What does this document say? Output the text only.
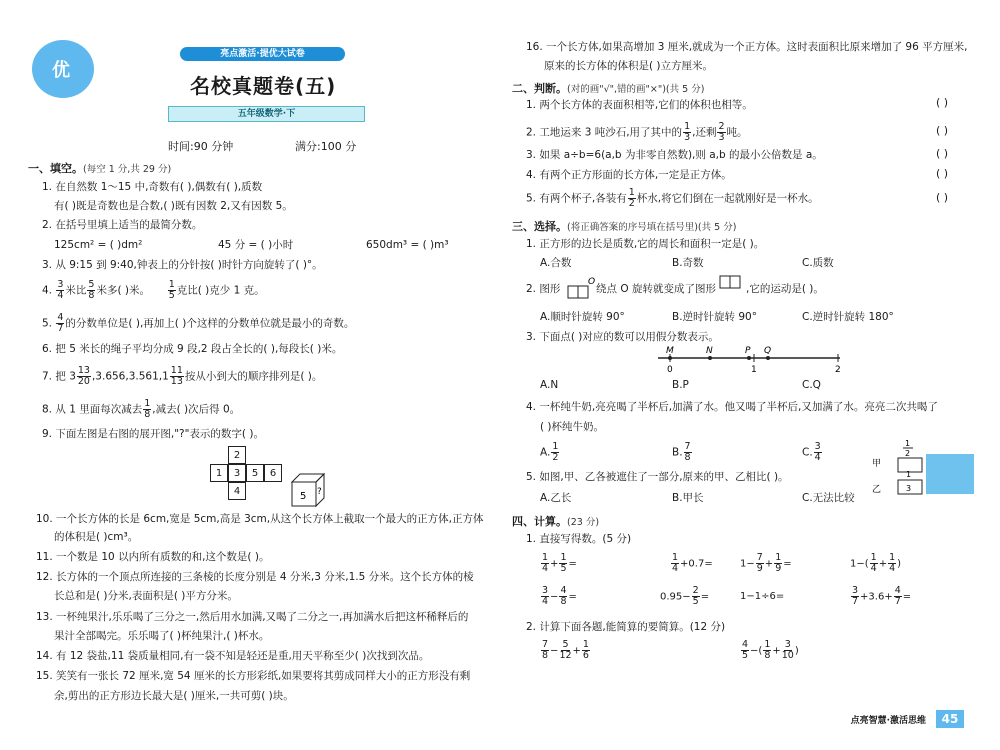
优
亮点激活·提优大试卷
名校真题卷(五)
五年级数学·下
时间:90 分钟	满分:100 分
一、填空。(每空 1 分,共 29 分)
1. 在自然数 1～15 中,奇数有( ),偶数有( ),质数
有( )既是奇数也是合数,( )既有因数 2,又有因数 5。
2. 在括号里填上适当的最简分数。
125cm² = ( )dm²	45 分 = ( )小时	650dm³ = ( )m³
3. 从 9:15 到 9:40,钟表上的分针按( )时针方向旋转了( )°。
4. $\frac{3}{4}$ 米比 $\frac{5}{8}$ 米多( )米。 $\frac{1}{5}$ 克比( )克少 1 克。
5. $\frac{4}{7}$ 的分数单位是( ),再加上( )个这样的分数单位就是最小的奇数。
6. 把 5 米长的绳子平均分成 9 段,2 段占全长的( ),每段长( )米。
7. 把 $3 \frac{13}{20} ,3.656,3.561,1 \frac{11}{13}$ 按从小到大的顺序排列是( )。
8. 从 1 里面每次减去 $\frac{1}{8}$ ,减去( )次后得 0。
9. 下面左图是右图的展开图,"?"表示的数字( )。
2
1	3	5	6
4	5 ?
10. 一个长方体的长是 6cm,宽是 5cm,高是 3cm,从这个长方体上截取一个最大的正方体,正方体
的体积是( )cm³。
11. 一个数是 10 以内所有质数的和,这个数是( )。
12. 长方体的一个顶点所连接的三条棱的长度分别是 4 分米,3 分米,1.5 分米。这个长方体的棱
长总和是( )分米,表面积是( )平方分米。
13. 一杯纯果汁,乐乐喝了三分之一,然后用水加满,又喝了二分之一,再加满水后把这杯稀释后的
果汁全部喝完。乐乐喝了( )杯纯果汁,( )杯水。
14. 有 12 袋盐,11 袋质量相同,有一袋不知是轻还是重,用天平称至少( )次找到次品。
15. 笑笑有一张长 72 厘米,宽 54 厘米的长方形彩纸,如果要将其剪成同样大小的正方形没有剩
余,剪出的正方形边长最大是( )厘米,一共可剪( )块。
16. 一个长方体,如果高增加 3 厘米,就成为一个正方体。这时表面积比原来增加了 96 平方厘米,
原来的长方体的体积是( )立方厘米。
二、判断。(对的画"√",错的画"×")(共 5 分)
1. 两个长方体的表面积相等,它们的体积也相等。	( )
2. 工地运来 3 吨沙石,用了其中的 $\frac{1}{3}$ ,还剩 $\frac{2}{3}$ 吨。	( )
3. 如果 a÷b=6(a,b 为非零自然数),则 a,b 的最小公倍数是 a。	( )
4. 有两个正方形面的长方体,一定是正方体。	( )
5. 有两个杯子,各装有 $\frac{1}{2}$ 杯水,将它们倒在一起就刚好是一杯水。	( )
三、选择。(将正确答案的序号填在括号里)(共 5 分)
1. 正方形的边长是质数,它的周长和面积一定是( )。
A.合数	B.奇数	C.质数
2. 图形
O
绕点 O 旋转就变成了图形	,它的运动是( )。
A.顺时针旋转 90°	B.逆时针旋转 90°	C.逆时针旋转 180°
3. 下面点( )对应的数可以用假分数表示。
M	N	P Q
0	1	2
A.N	B.P	C.Q
4. 一杯纯牛奶,亮亮喝了半杯后,加满了水。他又喝了半杯后,又加满了水。亮亮二次共喝了
( )杯纯牛奶。
A. $\frac{1}{2}$	B. $\frac{7}{8}$	C. $\frac{3}{4}$
5. 如图,甲、乙各被遮住了一部分,原来的甲、乙相比( )。
A.乙长	B.甲长	C.无法比较
甲
乙
1
2
1
3
四、计算。(23 分)
1. 直接写得数。(5 分)
$\frac{1}{4} + \frac{1}{5}$ =	$\frac{1}{4} +0.7=$	$1- \frac{7}{9} + \frac{1}{9}$ =	$1-( \frac{1}{4} + \frac{1}{4}$ )
$\frac{3}{4} - \frac{4}{8}$ =	$0.95- \frac{2}{5}$ =	1−1÷6=	$\frac{3}{7} +3.6+ \frac{4}{7}$ =
2. 计算下面各题,能简算的要简算。(12 分)
$\frac{7}{8} - \frac{5}{12} + \frac{1}{6}$	$\frac{4}{5}$ −( $\frac{1}{8} + \frac{3}{10}$ )
点亮智慧·激活思维	45
